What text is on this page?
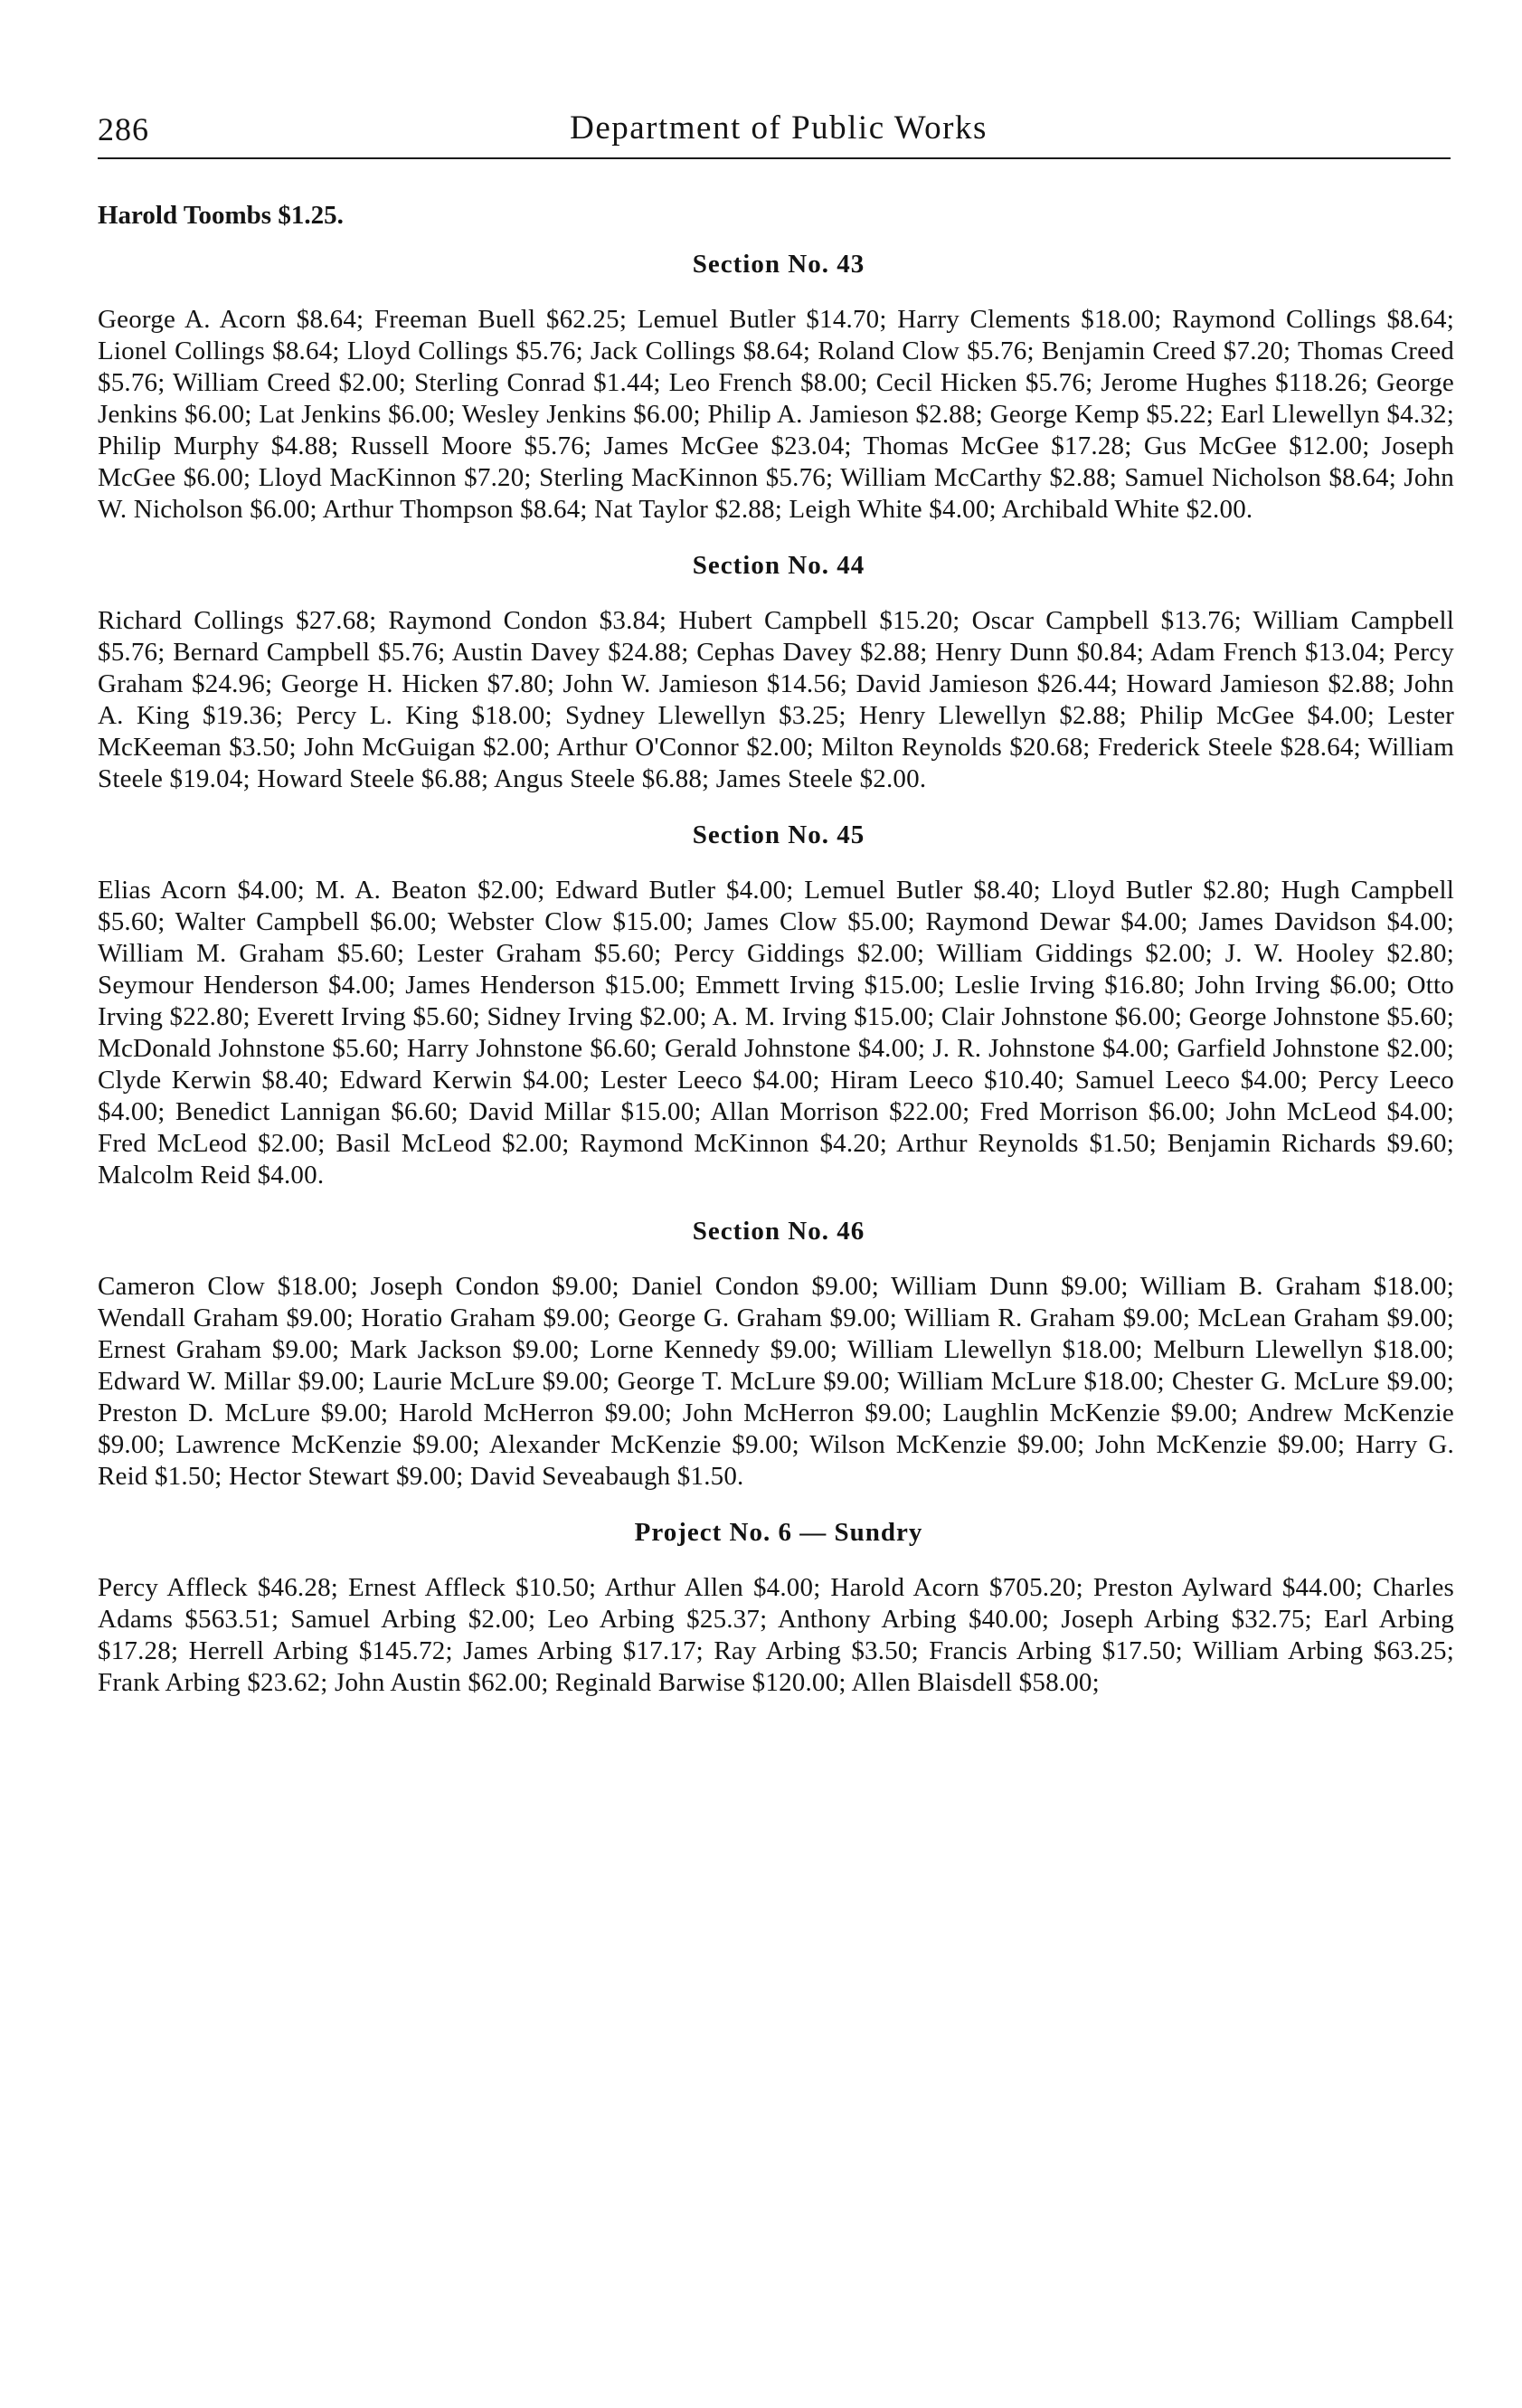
286	Department of Public Works
Harold Toombs $1.25.
Section No. 43
George A. Acorn $8.64; Freeman Buell $62.25; Lemuel Butler $14.70; Harry Clements $18.00; Raymond Collings $8.64; Lionel Collings $8.64; Lloyd Collings $5.76; Jack Collings $8.64; Roland Clow $5.76; Benjamin Creed $7.20; Thomas Creed $5.76; William Creed $2.00; Sterling Conrad $1.44; Leo French $8.00; Cecil Hicken $5.76; Jerome Hughes $118.26; George Jenkins $6.00; Lat Jenkins $6.00; Wesley Jenkins $6.00; Philip A. Jamieson $2.88; George Kemp $5.22; Earl Llewellyn $4.32; Philip Murphy $4.88; Russell Moore $5.76; James McGee $23.04; Thomas McGee $17.28; Gus McGee $12.00; Joseph McGee $6.00; Lloyd MacKinnon $7.20; Sterling MacKinnon $5.76; William McCarthy $2.88; Samuel Nicholson $8.64; John W. Nicholson $6.00; Arthur Thompson $8.64; Nat Taylor $2.88; Leigh White $4.00; Archibald White $2.00.
Section No. 44
Richard Collings $27.68; Raymond Condon $3.84; Hubert Campbell $15.20; Oscar Campbell $13.76; William Campbell $5.76; Bernard Campbell $5.76; Austin Davey $24.88; Cephas Davey $2.88; Henry Dunn $0.84; Adam French $13.04; Percy Graham $24.96; George H. Hicken $7.80; John W. Jamieson $14.56; David Jamieson $26.44; Howard Jamieson $2.88; John A. King $19.36; Percy L. King $18.00; Sydney Llewellyn $3.25; Henry Llewellyn $2.88; Philip McGee $4.00; Lester McKeeman $3.50; John McGuigan $2.00; Arthur O'Connor $2.00; Milton Reynolds $20.68; Frederick Steele $28.64; William Steele $19.04; Howard Steele $6.88; Angus Steele $6.88; James Steele $2.00.
Section No. 45
Elias Acorn $4.00; M. A. Beaton $2.00; Edward Butler $4.00; Lemuel Butler $8.40; Lloyd Butler $2.80; Hugh Campbell $5.60; Walter Campbell $6.00; Webster Clow $15.00; James Clow $5.00; Raymond Dewar $4.00; James Davidson $4.00; William M. Graham $5.60; Lester Graham $5.60; Percy Giddings $2.00; William Giddings $2.00; J. W. Hooley $2.80; Seymour Henderson $4.00; James Henderson $15.00; Emmett Irving $15.00; Leslie Irving $16.80; John Irving $6.00; Otto Irving $22.80; Everett Irving $5.60; Sidney Irving $2.00; A. M. Irving $15.00; Clair Johnstone $6.00; George Johnstone $5.60; McDonald Johnstone $5.60; Harry Johnstone $6.60; Gerald Johnstone $4.00; J. R. Johnstone $4.00; Garfield Johnstone $2.00; Clyde Kerwin $8.40; Edward Kerwin $4.00; Lester Leeco $4.00; Hiram Leeco $10.40; Samuel Leeco $4.00; Percy Leeco $4.00; Benedict Lannigan $6.60; David Millar $15.00; Allan Morrison $22.00; Fred Morrison $6.00; John McLeod $4.00; Fred McLeod $2.00; Basil McLeod $2.00; Raymond McKinnon $4.20; Arthur Reynolds $1.50; Benjamin Richards $9.60; Malcolm Reid $4.00.
Section No. 46
Cameron Clow $18.00; Joseph Condon $9.00; Daniel Condon $9.00; William Dunn $9.00; William B. Graham $18.00; Wendall Graham $9.00; Horatio Graham $9.00; George G. Graham $9.00; William R. Graham $9.00; McLean Graham $9.00; Ernest Graham $9.00; Mark Jackson $9.00; Lorne Kennedy $9.00; William Llewellyn $18.00; Melburn Llewellyn $18.00; Edward W. Millar $9.00; Laurie McLure $9.00; George T. McLure $9.00; William McLure $18.00; Chester G. McLure $9.00; Preston D. McLure $9.00; Harold McHerron $9.00; John McHerron $9.00; Laughlin McKenzie $9.00; Andrew McKenzie $9.00; Lawrence McKenzie $9.00; Alexander McKenzie $9.00; Wilson McKenzie $9.00; John McKenzie $9.00; Harry G. Reid $1.50; Hector Stewart $9.00; David Seveabaugh $1.50.
Project No. 6 — Sundry
Percy Affleck $46.28; Ernest Affleck $10.50; Arthur Allen $4.00; Harold Acorn $705.20; Preston Aylward $44.00; Charles Adams $563.51; Samuel Arbing $2.00; Leo Arbing $25.37; Anthony Arbing $40.00; Joseph Arbing $32.75; Earl Arbing $17.28; Herrell Arbing $145.72; James Arbing $17.17; Ray Arbing $3.50; Francis Arbing $17.50; William Arbing $63.25; Frank Arbing $23.62; John Austin $62.00; Reginald Barwise $120.00; Allen Blaisdell $58.00;
